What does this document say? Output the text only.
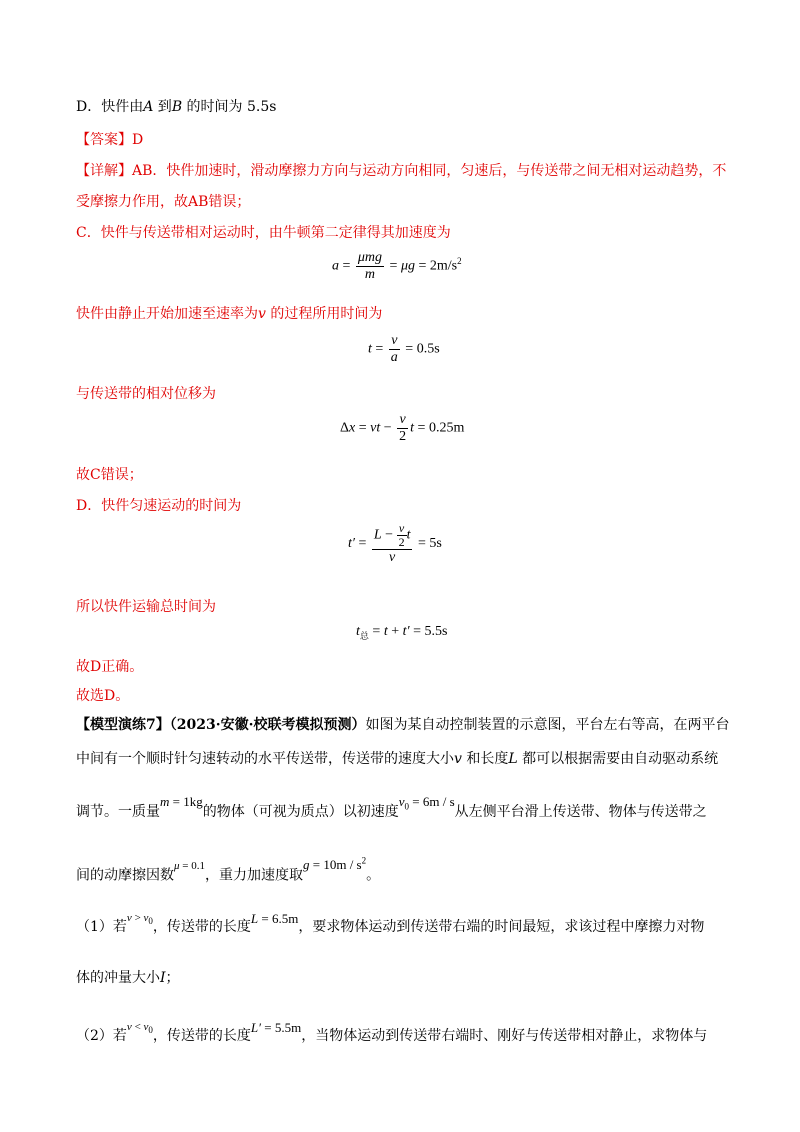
D．快件由A 到B 的时间为 5.5s
【答案】D
【详解】AB．快件加速时，滑动摩擦力方向与运动方向相同，匀速后，与传送带之间无相对运动趋势，不
受摩擦力作用，故AB错误；
C．快件与传送带相对运动时，由牛顿第二定律得其加速度为
$a = \frac{\text{μmg}}{m} = \mu g = 2m/s^2$
快件由静止开始加速至速率为v 的过程所用时间为
$t = \frac{v}{a} = 0.5s$
与传送带的相对位移为
Δx = vt − $\frac{v}{2}$ t = 0.25m
故C错误；
D．快件匀速运动的时间为
$t' = \frac{L - \frac{v}{2} t}{v} = 5s$
所以快件运输总时间为
$t_总 = t + t' = 5.5s$
故D正确。
故选D。
【模型演练7】（2023·安徽·校联考模拟预测）如图为某自动控制装置的示意图，平台左右等高，在两平台
中间有一个顺时针匀速转动的水平传送带，传送带的速度大小v 和长度L 都可以根据需要由自动驱动系统
调节。一质量m = 1kg的物体（可视为质点）以初速度$v_0 = 6m / s$从左侧平台滑上传送带、物体与传送带之
间的动摩擦因数$^{\mu = 0.1}$，重力加速度取$g = 10m / s^2$。
（1）若$^{v > v_0}$，传送带的长度L = 6.5m，要求物体运动到传送带右端的时间最短，求该过程中摩擦力对物
体的冲量大小I；
（2）若$^{v < v_0}$，传送带的长度L′ = 5.5m，当物体运动到传送带右端时、刚好与传送带相对静止，求物体与
